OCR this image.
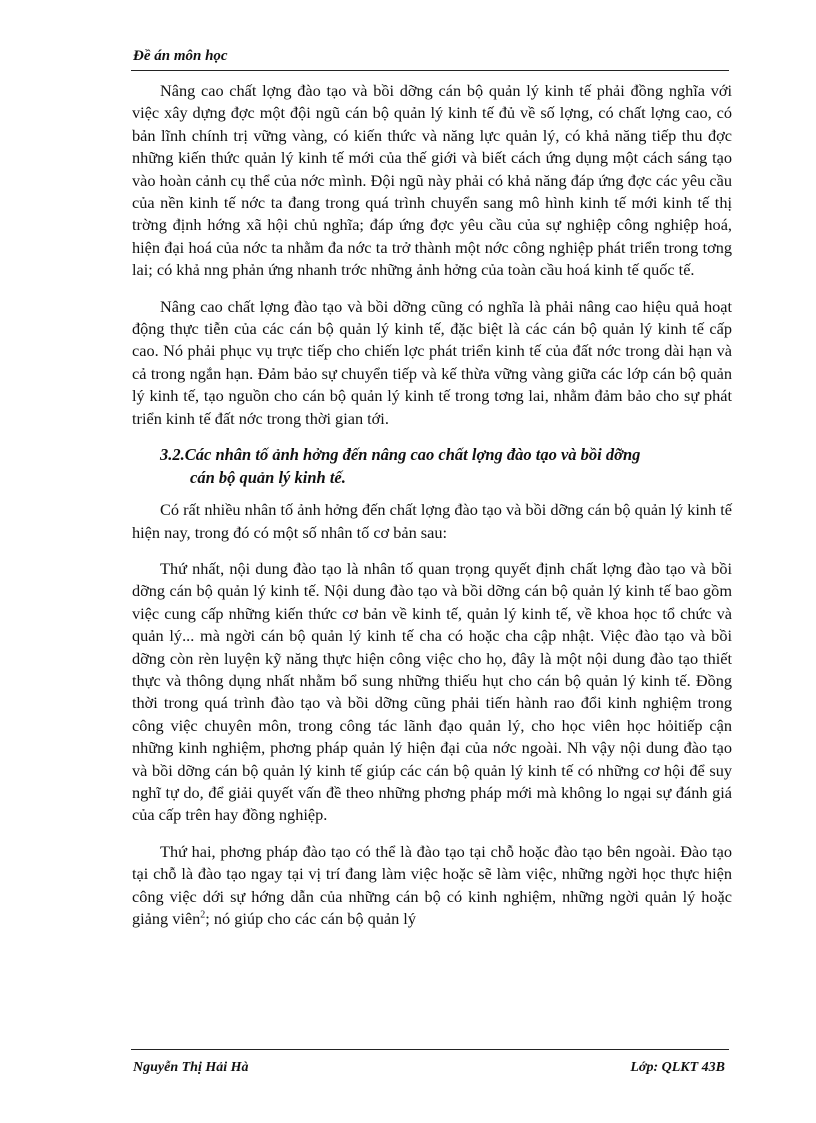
Đề án môn học

Nâng cao chất lợng đào tạo và bồi dỡng cán bộ quản lý kinh tế phải đồng nghĩa với việc xây dựng đợc một đội ngũ cán bộ quản lý kinh tế đủ về số lợng, có chất lợng cao, có bản lĩnh chính trị vững vàng, có kiến thức và năng lực quản lý, có khả năng tiếp thu đợc những kiến thức quản lý kinh tế mới của thế giới và biết cách ứng dụng một cách sáng tạo vào hoàn cảnh cụ thể của nớc mình. Đội ngũ này phải có khả năng đáp ứng đợc các yêu cầu của nền kinh tế nớc ta đang trong quá trình chuyển sang mô hình kinh tế mới kinh tế thị trờng định hớng xã hội chủ nghĩa; đáp ứng đợc yêu cầu của sự nghiệp công nghiệp hoá, hiện đại hoá của nớc ta nhằm đa nớc ta trở thành một nớc công nghiệp phát triển trong tơng lai; có khả nng phản ứng nhanh trớc những ảnh hởng của toàn cầu hoá kinh tế quốc tế.

Nâng cao chất lợng đào tạo và bồi dỡng cũng có nghĩa là phải nâng cao hiệu quả hoạt động thực tiễn của các cán bộ quản lý kinh tế, đặc biệt là các cán bộ quản lý kinh tế cấp cao. Nó phải phục vụ trực tiếp cho chiến lợc phát triển kinh tế của đất nớc trong dài hạn và cả trong ngắn hạn. Đảm bảo sự chuyển tiếp và kế thừa vững vàng giữa các lớp cán bộ quản lý kinh tế, tạo nguồn cho cán bộ quản lý kinh tế trong tơng lai, nhằm đảm bảo cho sự phát triển kinh tế đất nớc trong thời gian tới.

3.2.Các nhân tố ảnh hởng đến nâng cao chất lợng đào tạo và bồi dỡng
cán bộ quản lý kinh tế.

Có rất nhiều nhân tố ảnh hởng đến chất lợng đào tạo và bồi dỡng cán bộ quản lý kinh tế hiện nay, trong đó có một số nhân tố cơ bản sau:

Thứ nhất, nội dung đào tạo là nhân tố quan trọng quyết định chất lợng đào tạo và bồi dỡng cán bộ quản lý kinh tế. Nội dung đào tạo và bồi dỡng cán bộ quản lý kinh tế bao gồm việc cung cấp những kiến thức cơ bản về kinh tế, quản lý kinh tế, về khoa học tổ chức và quản lý... mà ngời cán bộ quản lý kinh tế cha có hoặc cha cập nhật. Việc đào tạo và bồi dỡng còn rèn luyện kỹ năng thực hiện công việc cho họ, đây là một nội dung đào tạo thiết thực và thông dụng nhất nhằm bổ sung những thiếu hụt cho cán bộ quản lý kinh tế. Đồng thời trong quá trình đào tạo và bồi dỡng cũng phải tiến hành rao đổi kinh nghiệm trong công việc chuyên môn, trong công tác lãnh đạo quản lý, cho học viên học hỏitiếp cận những kinh nghiệm, phơng pháp quản lý hiện đại của nớc ngoài. Nh vậy nội dung đào tạo và bồi dỡng cán bộ quản lý kinh tế giúp các cán bộ quản lý kinh tế có những cơ hội để suy nghĩ tự do, để giải quyết vấn đề theo những phơng pháp mới mà không lo ngại sự đánh giá của cấp trên hay đồng nghiệp.

Thứ hai, phơng pháp đào tạo có thể là đào tạo tại chỗ hoặc đào tạo bên ngoài. Đào tạo tại chỗ là đào tạo ngay tại vị trí đang làm việc hoặc sẽ làm việc, những ngời học thực hiện công việc dới sự hớng dẫn của những cán bộ có kinh nghiệm, những ngời quản lý hoặc giảng viên$^2$; nó giúp cho các cán bộ quản lý

Nguyễn Thị Hải Hà	Lớp: QLKT 43B
